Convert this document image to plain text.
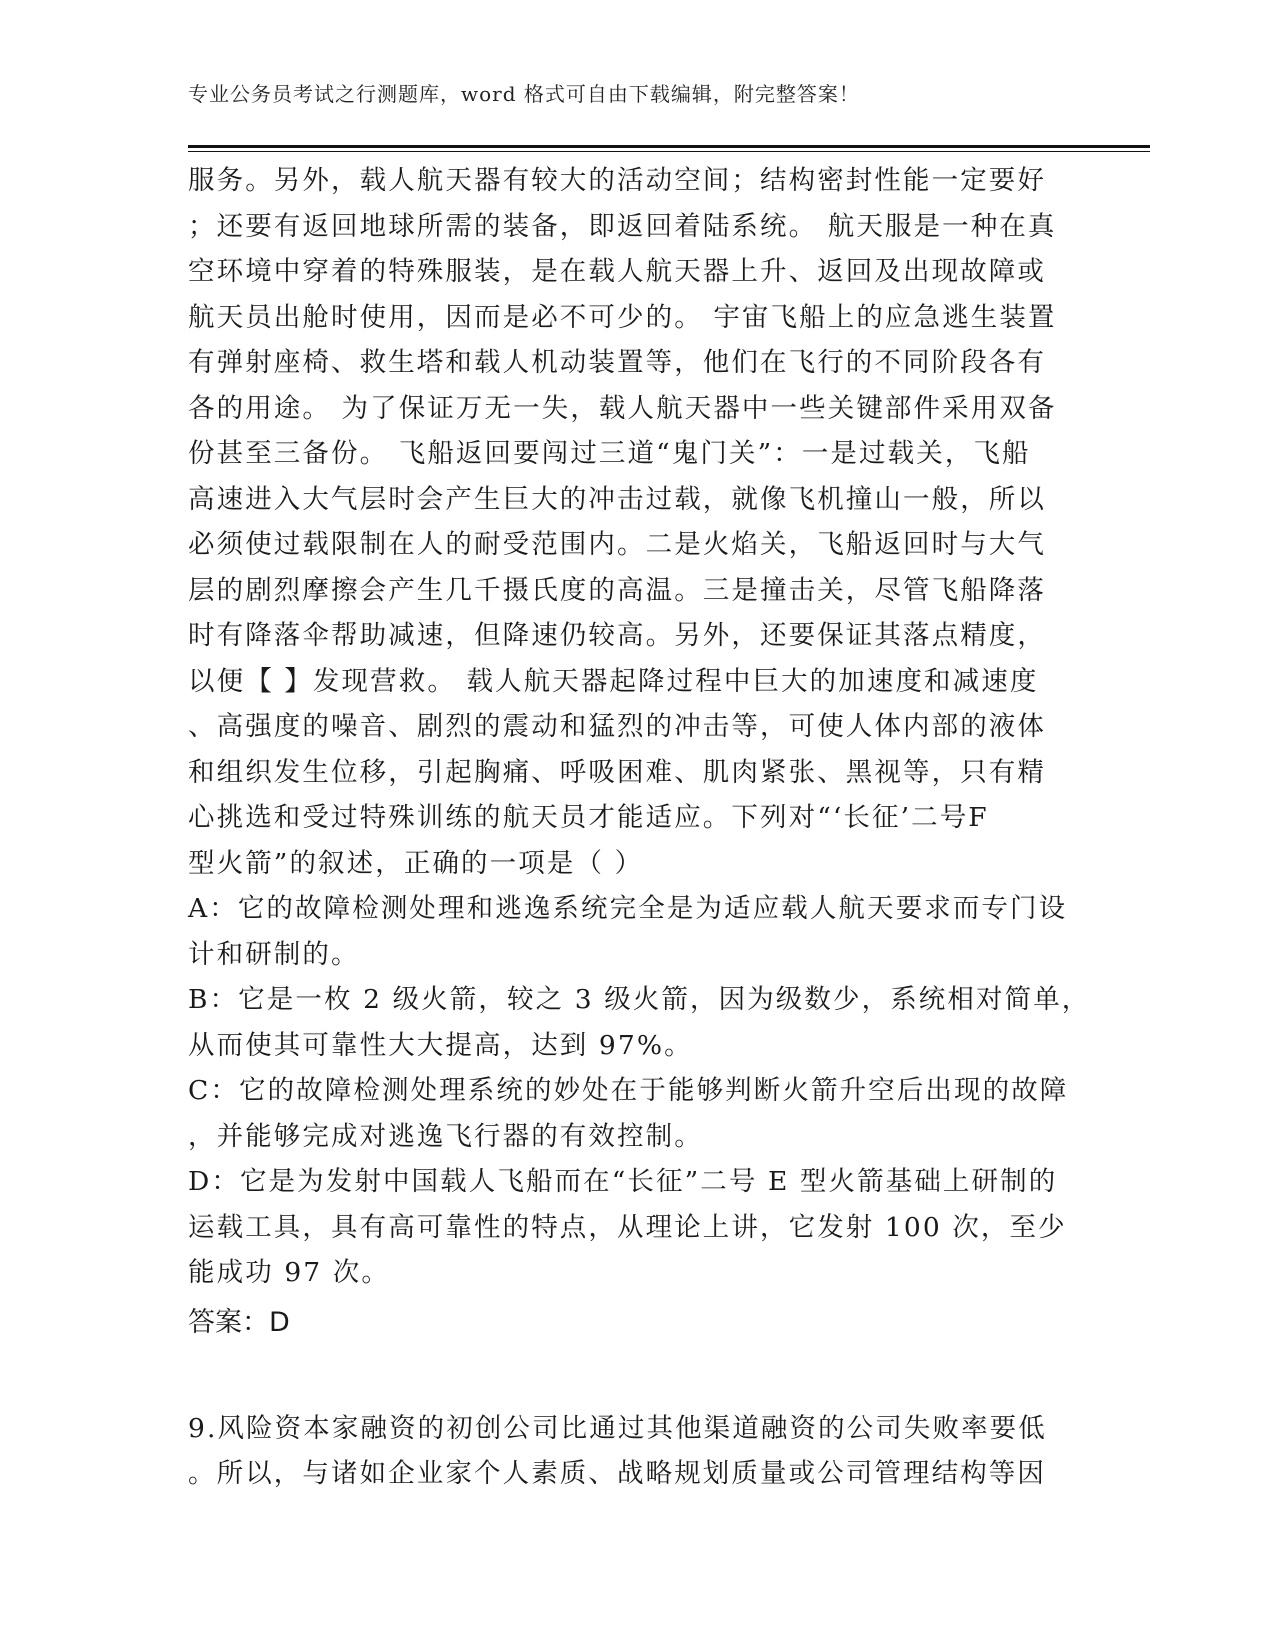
专业公务员考试之行测题库，word 格式可自由下载编辑，附完整答案！
服务。另外，载人航天器有较大的活动空间；结构密封性能一定要好
；还要有返回地球所需的装备，即返回着陆系统。 航天服是一种在真
空环境中穿着的特殊服装，是在载人航天器上升、返回及出现故障或
航天员出舱时使用，因而是必不可少的。 宇宙飞船上的应急逃生装置
有弹射座椅、救生塔和载人机动装置等，他们在飞行的不同阶段各有
各的用途。 为了保证万无一失，载人航天器中一些关键部件采用双备
份甚至三备份。 飞船返回要闯过三道“鬼门关”：一是过载关，飞船
高速进入大气层时会产生巨大的冲击过载，就像飞机撞山一般，所以
必须使过载限制在人的耐受范围内。二是火焰关，飞船返回时与大气
层的剧烈摩擦会产生几千摄氏度的高温。三是撞击关，尽管飞船降落
时有降落伞帮助减速，但降速仍较高。另外，还要保证其落点精度，
以便【 】发现营救。 载人航天器起降过程中巨大的加速度和减速度
、高强度的噪音、剧烈的震动和猛烈的冲击等，可使人体内部的液体
和组织发生位移，引起胸痛、呼吸困难、肌肉紧张、黑视等，只有精
心挑选和受过特殊训练的航天员才能适应。下列对“‘长征’二号F
型火箭”的叙述，正确的一项是（ ）
A：它的故障检测处理和逃逸系统完全是为适应载人航天要求而专门设
计和研制的。
B：它是一枚 2 级火箭，较之 3 级火箭，因为级数少，系统相对简单，
从而使其可靠性大大提高，达到 97%。
C：它的故障检测处理系统的妙处在于能够判断火箭升空后出现的故障
，并能够完成对逃逸飞行器的有效控制。
D：它是为发射中国载人飞船而在“长征”二号 E 型火箭基础上研制的
运载工具，具有高可靠性的特点，从理论上讲，它发射 100 次，至少
能成功 97 次。
答案：D
9.风险资本家融资的初创公司比通过其他渠道融资的公司失败率要低
。所以，与诸如企业家个人素质、战略规划质量或公司管理结构等因
